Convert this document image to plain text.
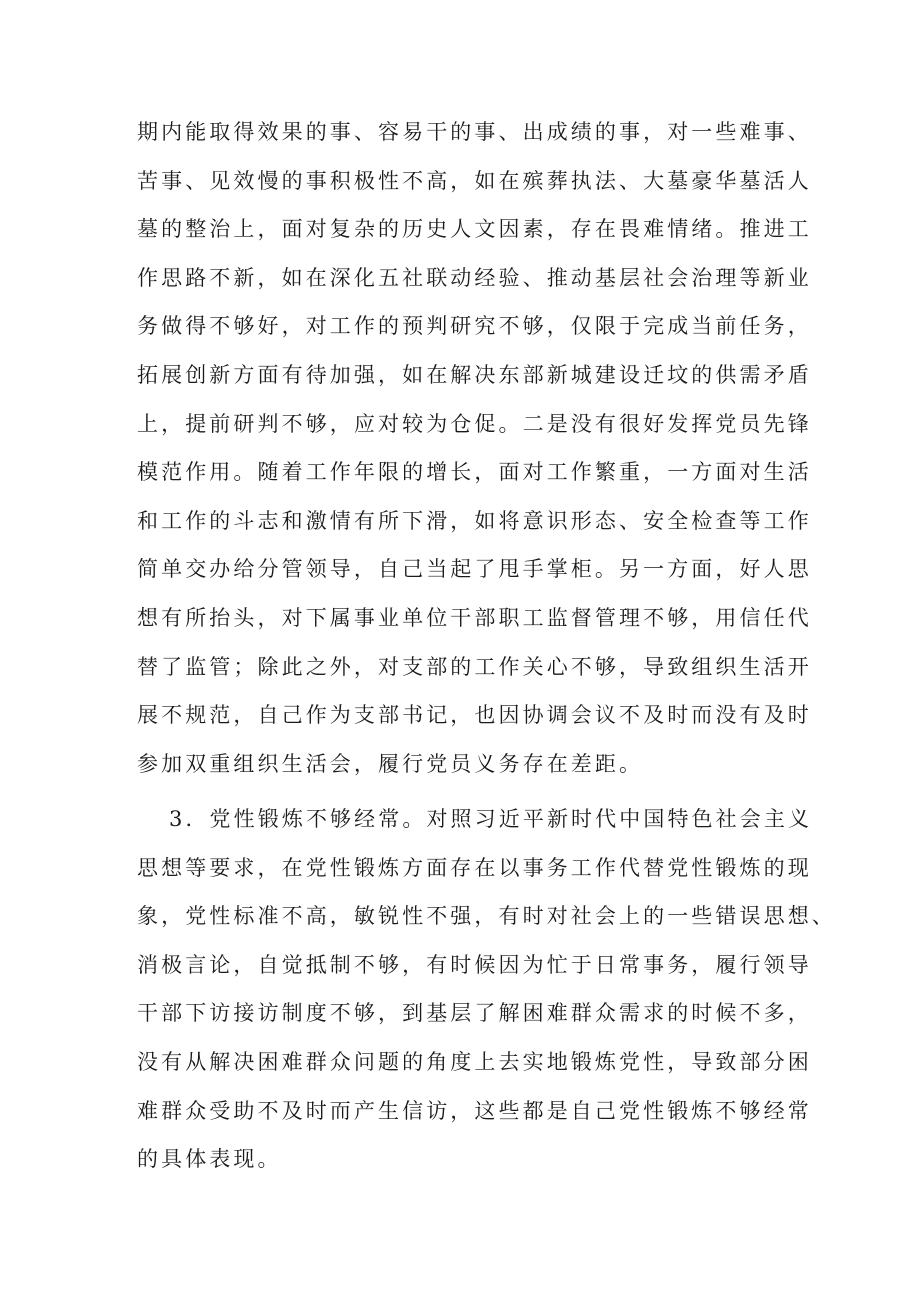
期内能取得效果的事、容易干的事、出成绩的事，对一些难事、
苦事、见效慢的事积极性不高，如在殡葬执法、大墓豪华墓活人
墓的整治上，面对复杂的历史人文因素，存在畏难情绪。推进工
作思路不新，如在深化五社联动经验、推动基层社会治理等新业
务做得不够好，对工作的预判研究不够，仅限于完成当前任务，
拓展创新方面有待加强，如在解决东部新城建设迁坟的供需矛盾
上，提前研判不够，应对较为仓促。二是没有很好发挥党员先锋
模范作用。随着工作年限的增长，面对工作繁重，一方面对生活
和工作的斗志和激情有所下滑，如将意识形态、安全检查等工作
简单交办给分管领导，自己当起了甩手掌柜。另一方面，好人思
想有所抬头，对下属事业单位干部职工监督管理不够，用信任代
替了监管；除此之外，对支部的工作关心不够，导致组织生活开
展不规范，自己作为支部书记，也因协调会议不及时而没有及时
参加双重组织生活会，履行党员义务存在差距。
3．党性锻炼不够经常。对照习近平新时代中国特色社会主义
思想等要求，在党性锻炼方面存在以事务工作代替党性锻炼的现
象，党性标准不高，敏锐性不强，有时对社会上的一些错误思想、
消极言论，自觉抵制不够，有时候因为忙于日常事务，履行领导
干部下访接访制度不够，到基层了解困难群众需求的时候不多，
没有从解决困难群众问题的角度上去实地锻炼党性，导致部分困
难群众受助不及时而产生信访，这些都是自己党性锻炼不够经常
的具体表现。
